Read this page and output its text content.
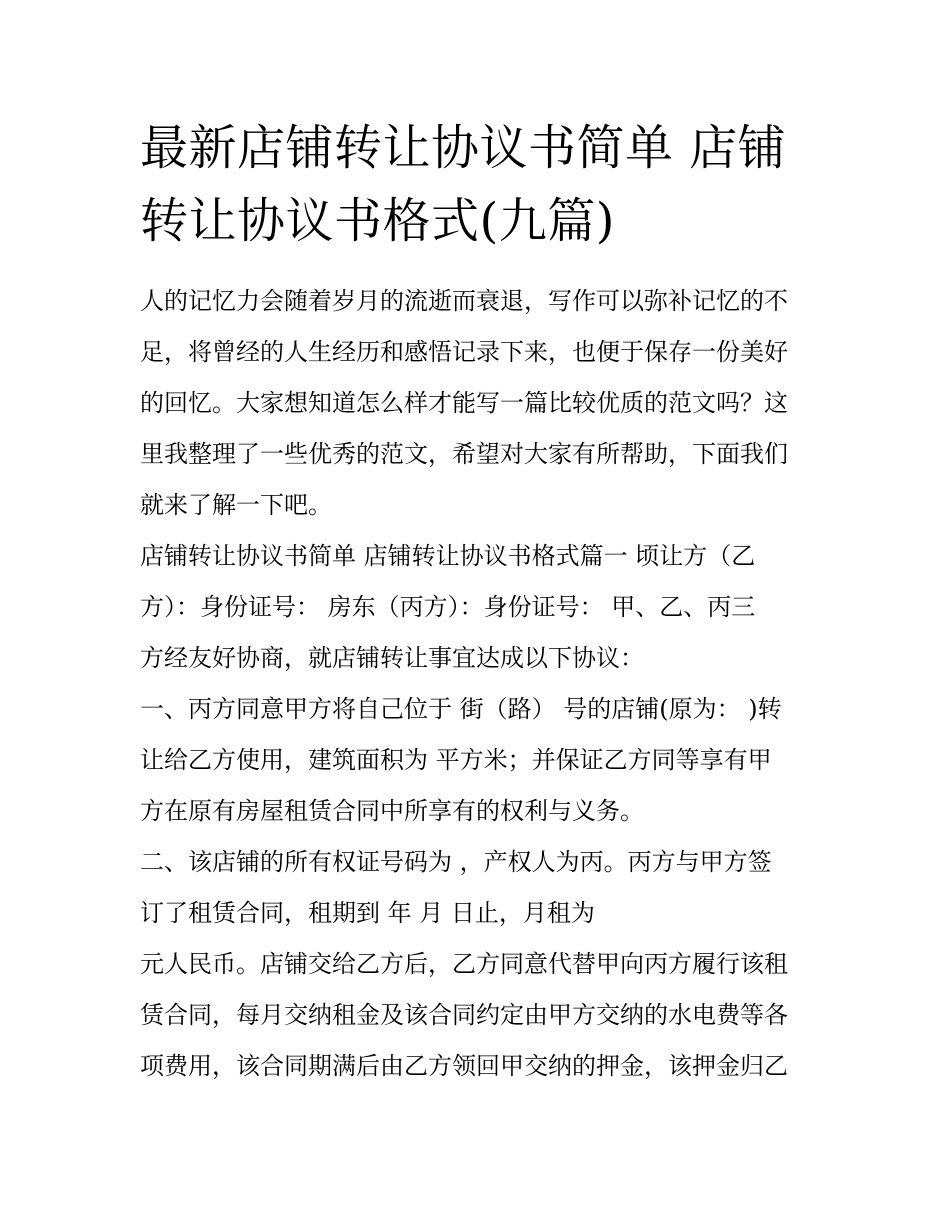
最新店铺转让协议书简单 店铺
转让协议书格式(九篇)
人的记忆力会随着岁月的流逝而衰退，写作可以弥补记忆的不
足，将曾经的人生经历和感悟记录下来，也便于保存一份美好
的回忆。大家想知道怎么样才能写一篇比较优质的范文吗？这
里我整理了一些优秀的范文，希望对大家有所帮助，下面我们
就来了解一下吧。
店铺转让协议书简单 店铺转让协议书格式篇一 顷让方（乙
方）：身份证号： 房东（丙方）：身份证号： 甲、乙、丙三
方经友好协商，就店铺转让事宜达成以下协议：
一、丙方同意甲方将自己位于 街（路） 号的店铺(原为： )转
让给乙方使用，建筑面积为 平方米；并保证乙方同等享有甲
方在原有房屋租赁合同中所享有的权利与义务。
二、该店铺的所有权证号码为 ，产权人为丙。丙方与甲方签
订了租赁合同，租期到 年 月 日止，月租为
元人民币。店铺交给乙方后，乙方同意代替甲向丙方履行该租
赁合同，每月交纳租金及该合同约定由甲方交纳的水电费等各
项费用，该合同期满后由乙方领回甲交纳的押金，该押金归乙
